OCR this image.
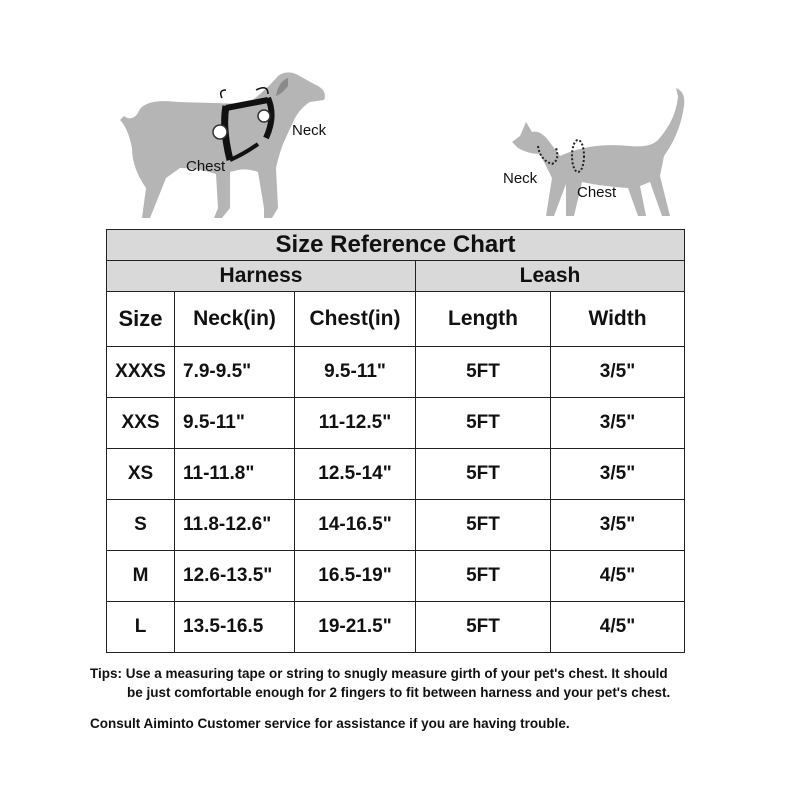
Neck
Chest
Neck
Chest
Size Reference Chart				
Harness			Leash	
Size	Neck(in)	Chest(in)	Length	Width
XXXS	7.9-9.5"	9.5-11"	5FT	3/5"
XXS	9.5-11"	11-12.5"	5FT	3/5"
XS	11-11.8"	12.5-14"	5FT	3/5"
S	11.8-12.6"	14-16.5"	5FT	3/5"
M	12.6-13.5"	16.5-19"	5FT	4/5"
L	13.5-16.5	19-21.5"	5FT	4/5"
Tips: Use a measuring tape or string to snugly measure girth of your pet's chest. It should
be just comfortable enough for 2 fingers to fit between harness and your pet's chest.
Consult Aiminto Customer service for assistance if you are having trouble.
